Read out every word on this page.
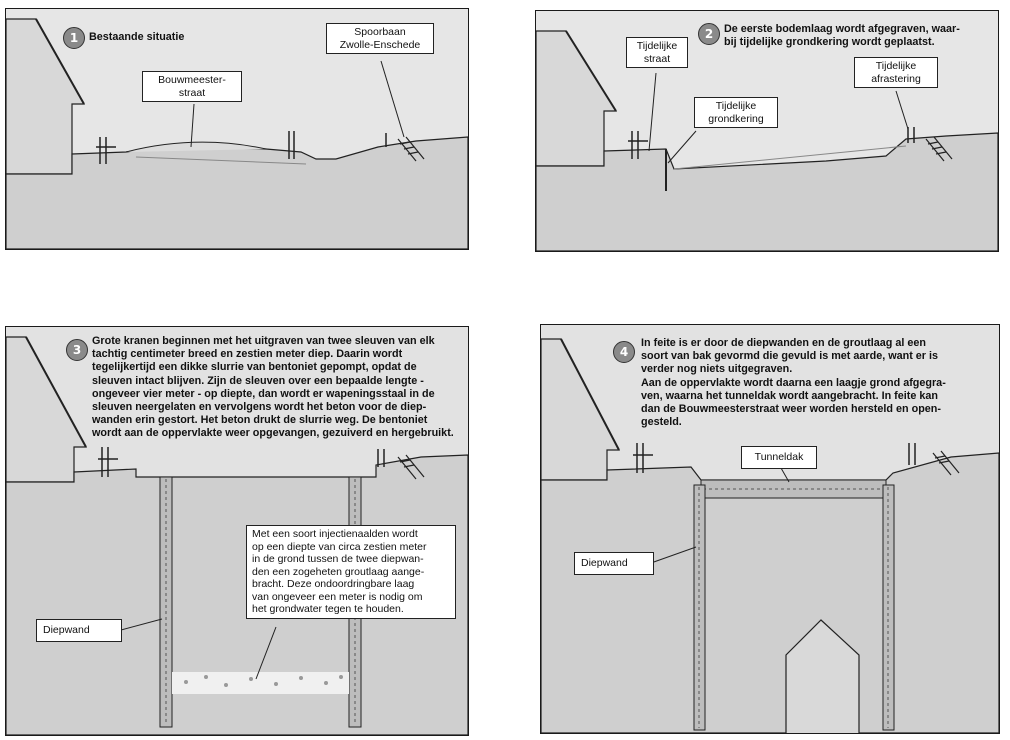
1	Bestaande situatie
Bouwmeester-
straat
Spoorbaan
Zwolle-Enschede
2	De eerste bodemlaag wordt afgegraven, waar-
bij tijdelijke grondkering wordt geplaatst.
Tijdelijke
straat
Tijdelijke
grondkering
Tijdelijke
afrastering
3
Grote kranen beginnen met het uitgraven van twee sleuven van elk
tachtig centimeter breed en zestien meter diep. Daarin wordt
tegelijkertijd een dikke slurrie van bentoniet gepompt, opdat de
sleuven intact blijven. Zijn de sleuven over een bepaalde lengte -
ongeveer vier meter - op diepte, dan wordt er wapeningsstaal in de
sleuven neergelaten en vervolgens wordt het beton voor de diep-
wanden erin gestort. Het beton drukt de slurrie weg. De bentoniet
wordt aan de oppervlakte weer opgevangen, gezuiverd en hergebruikt.
Met een soort injectienaalden wordt
op een diepte van circa zestien meter
in de grond tussen de twee diepwan-
den een zogeheten groutlaag aange-
bracht. Deze ondoordringbare laag
van ongeveer een meter is nodig om
het grondwater tegen te houden.
Diepwand
4
In feite is er door de diepwanden en de groutlaag al een
soort van bak gevormd die gevuld is met aarde, want er is
verder nog niets uitgegraven.
Aan de oppervlakte wordt daarna een laagje grond afgegra-
ven, waarna het tunneldak wordt aangebracht. In feite kan
dan de Bouwmeesterstraat weer worden hersteld en open-
gesteld.
Tunneldak
Diepwand
